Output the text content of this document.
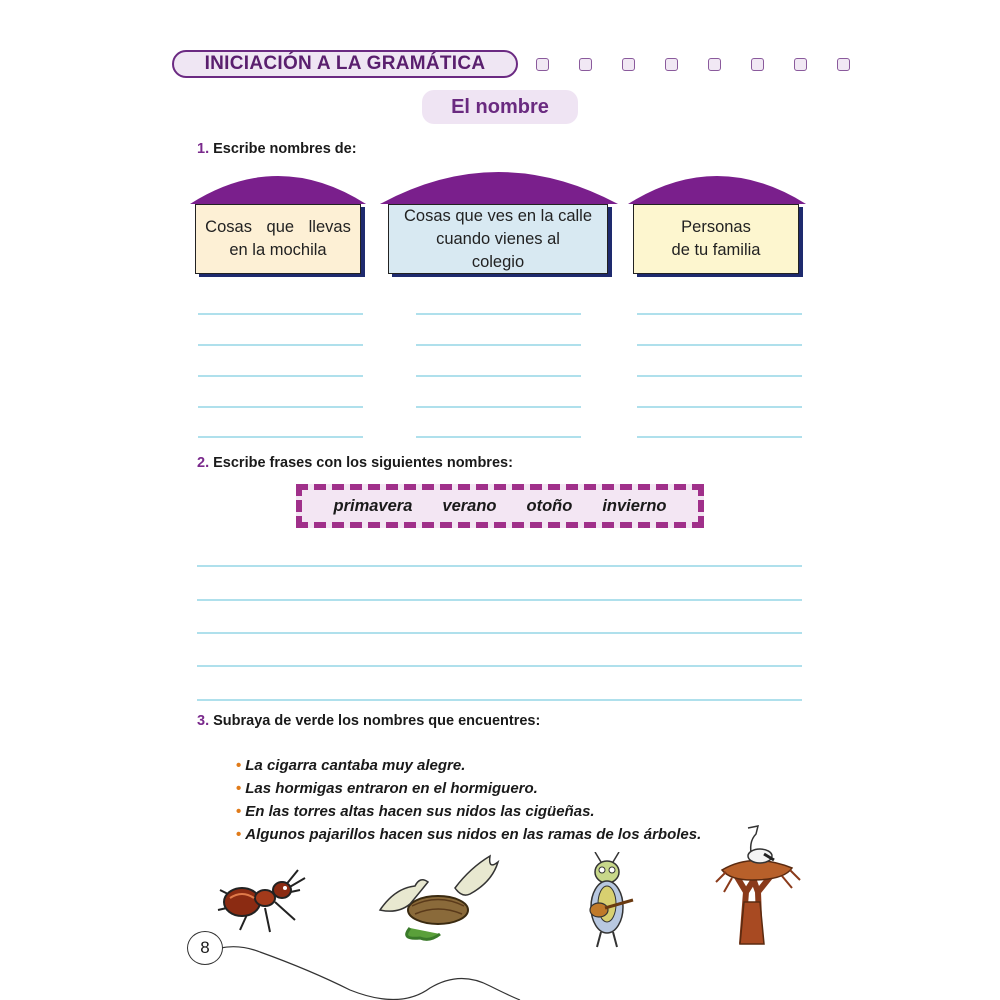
INICIACIÓN A LA GRAMÁTICA
El nombre
1. Escribe nombres de:
Cosas que llevas
en la mochila
Cosas que ves en la calle
cuando vienes al
colegio
Personas
de tu familia
2. Escribe frases con los siguientes nombres:
primavera verano otoño invierno
3. Subraya de verde los nombres que encuentres:
• La cigarra cantaba muy alegre.
• Las hormigas entraron en el hormiguero.
• En las torres altas hacen sus nidos las cigüeñas.
• Algunos pajarillos hacen sus nidos en las ramas de los árboles.
8
